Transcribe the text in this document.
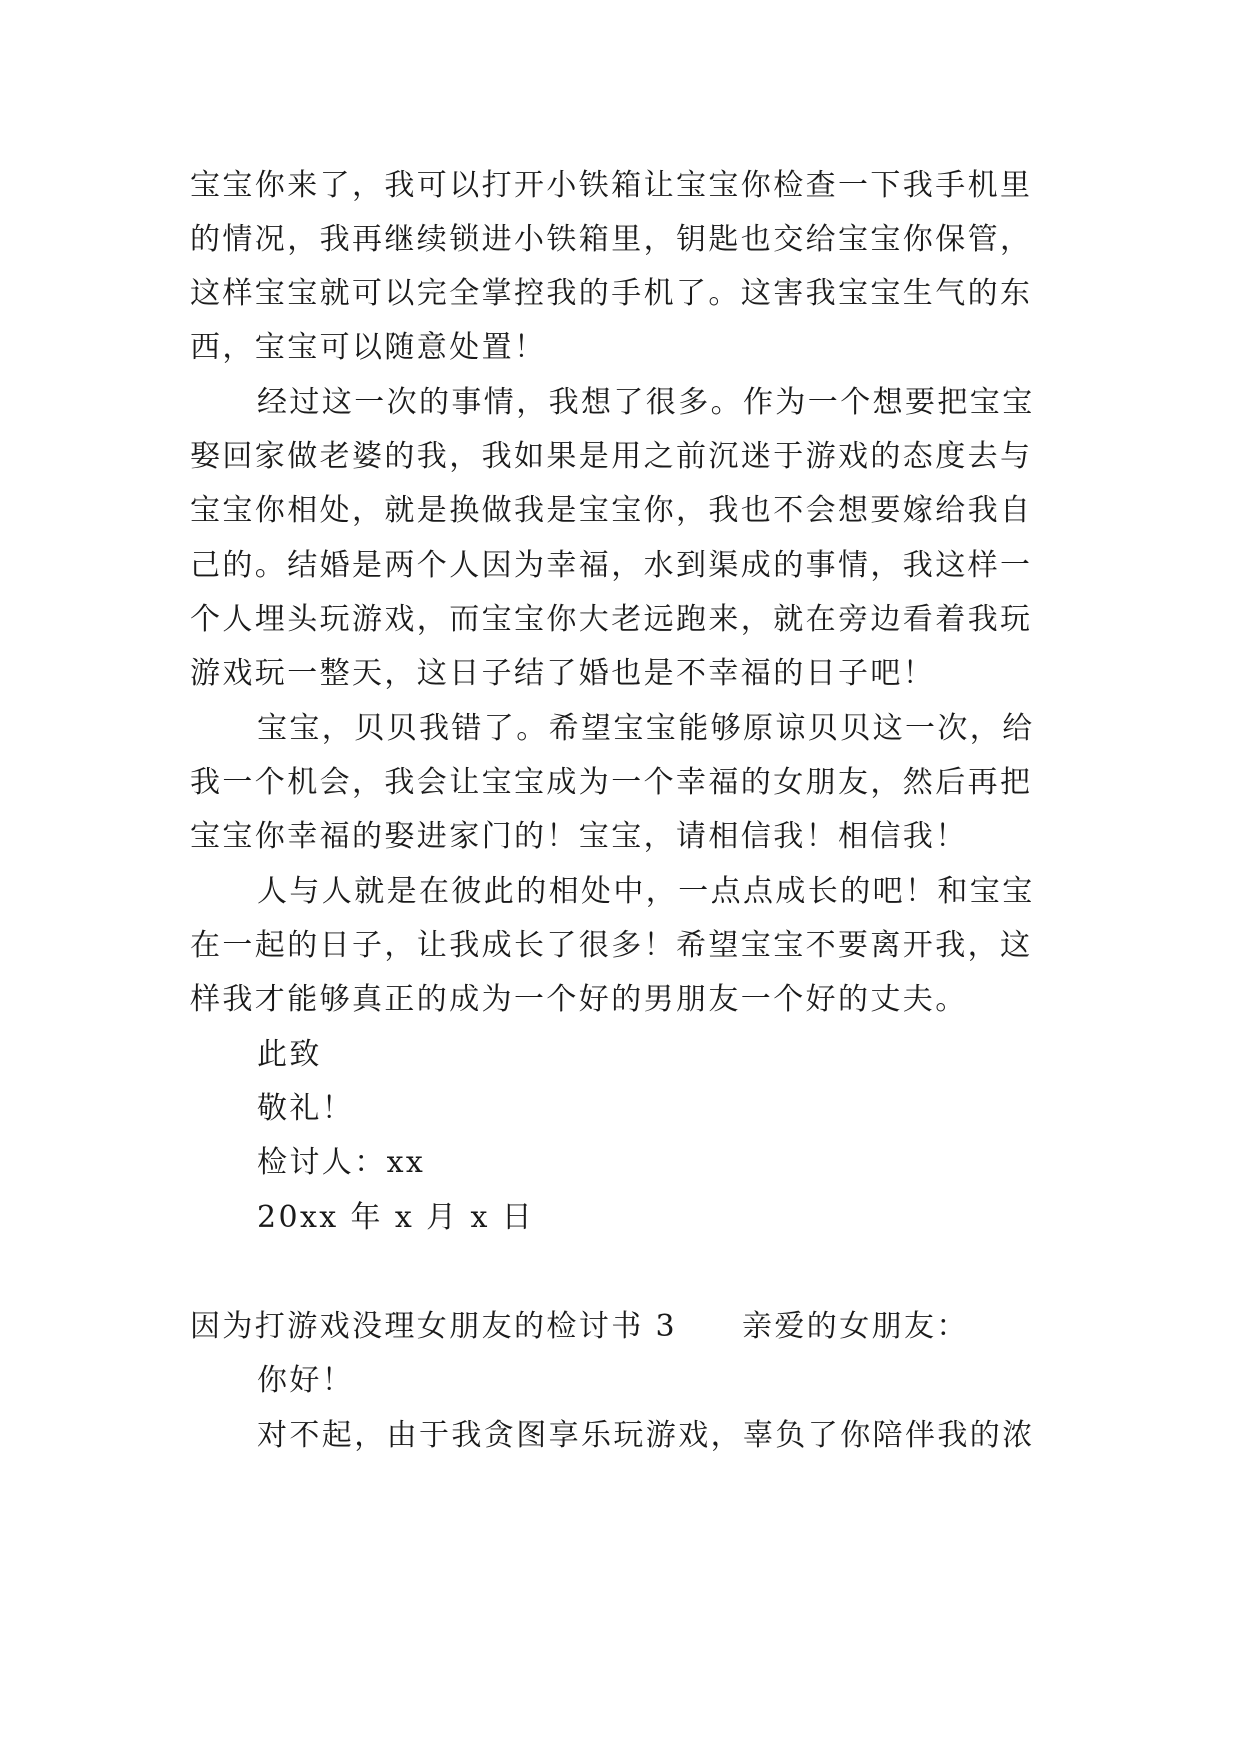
宝宝你来了，我可以打开小铁箱让宝宝你检查一下我手机里
的情况，我再继续锁进小铁箱里，钥匙也交给宝宝你保管，
这样宝宝就可以完全掌控我的手机了。这害我宝宝生气的东
西，宝宝可以随意处置！
经过这一次的事情，我想了很多。作为一个想要把宝宝
娶回家做老婆的我，我如果是用之前沉迷于游戏的态度去与
宝宝你相处，就是换做我是宝宝你，我也不会想要嫁给我自
己的。结婚是两个人因为幸福，水到渠成的事情，我这样一
个人埋头玩游戏，而宝宝你大老远跑来，就在旁边看着我玩
游戏玩一整天，这日子结了婚也是不幸福的日子吧！
宝宝，贝贝我错了。希望宝宝能够原谅贝贝这一次，给
我一个机会，我会让宝宝成为一个幸福的女朋友，然后再把
宝宝你幸福的娶进家门的！宝宝，请相信我！相信我！
人与人就是在彼此的相处中，一点点成长的吧！和宝宝
在一起的日子，让我成长了很多！希望宝宝不要离开我，这
样我才能够真正的成为一个好的男朋友一个好的丈夫。
此致
敬礼！
检讨人：xx
20xx 年 x 月 x 日
因为打游戏没理女朋友的检讨书 3 亲爱的女朋友：
你好！
对不起，由于我贪图享乐玩游戏，辜负了你陪伴我的浓
